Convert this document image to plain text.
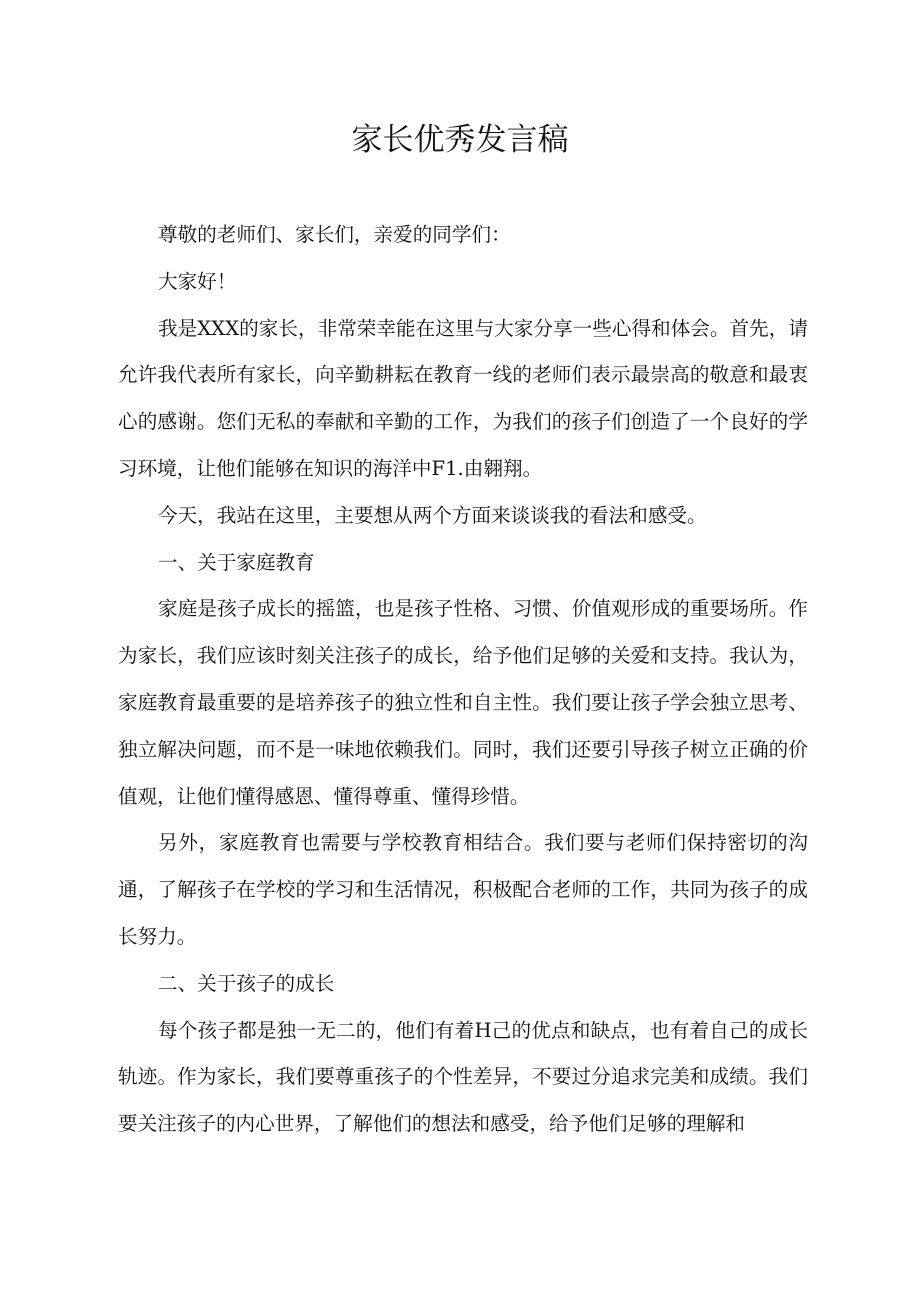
家长优秀发言稿

尊敬的老师们、家长们，亲爱的同学们：

大家好！

我是XXX的家长，非常荣幸能在这里与大家分享一些心得和体会。首先，请允许我代表所有家长，向辛勤耕耘在教育一线的老师们表示最崇高的敬意和最衷心的感谢。您们无私的奉献和辛勤的工作，为我们的孩子们创造了一个良好的学习环境，让他们能够在知识的海洋中F1.由翱翔。

今天，我站在这里，主要想从两个方面来谈谈我的看法和感受。

一、关于家庭教育

家庭是孩子成长的摇篮，也是孩子性格、习惯、价值观形成的重要场所。作为家长，我们应该时刻关注孩子的成长，给予他们足够的关爱和支持。我认为，家庭教育最重要的是培养孩子的独立性和自主性。我们要让孩子学会独立思考、独立解决问题，而不是一味地依赖我们。同时，我们还要引导孩子树立正确的价值观，让他们懂得感恩、懂得尊重、懂得珍惜。

另外，家庭教育也需要与学校教育相结合。我们要与老师们保持密切的沟通，了解孩子在学校的学习和生活情况，积极配合老师的工作，共同为孩子的成长努力。

二、关于孩子的成长

每个孩子都是独一无二的，他们有着H己的优点和缺点，也有着自己的成长轨迹。作为家长，我们要尊重孩子的个性差异，不要过分追求完美和成绩。我们要关注孩子的内心世界，了解他们的想法和感受，给予他们足够的理解和
